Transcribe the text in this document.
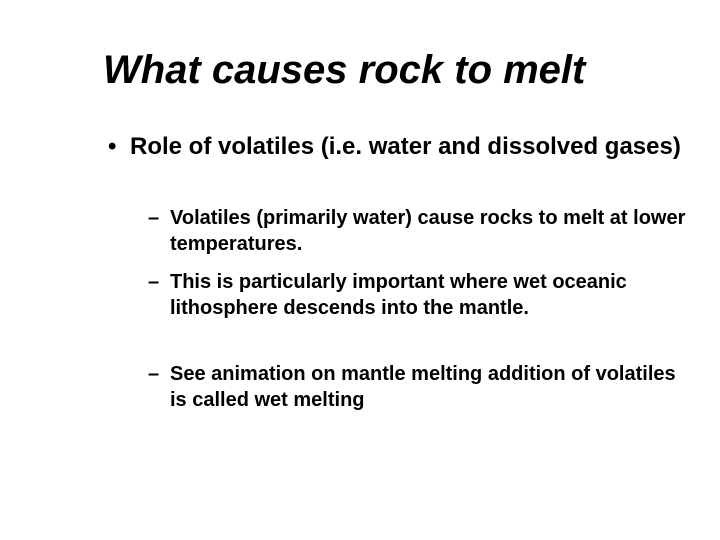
What causes rock to melt
• Role of volatiles (i.e. water and dissolved gases)
– Volatiles (primarily water) cause rocks to melt at lower temperatures.
– This is particularly important where wet oceanic lithosphere descends into the mantle.
– See animation on mantle melting addition of volatiles is called wet melting
